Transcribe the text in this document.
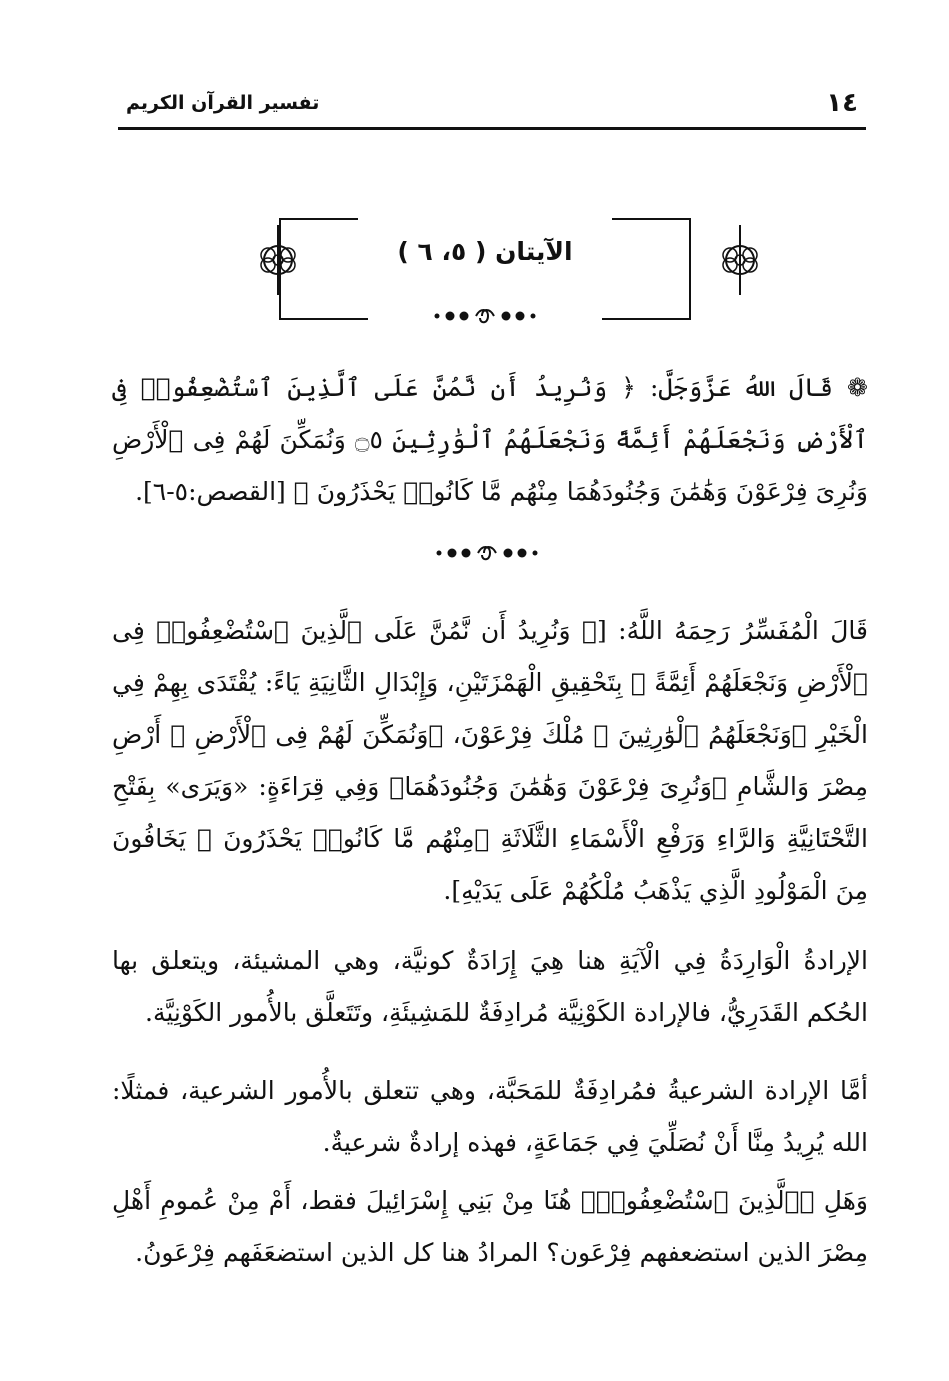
١٤
تفسير القرآن الكريم
الآيتان ( ٥، ٦ )
❁ قَالَ اللهُ عَزَّوَجَلَّ: ﴿ وَنُرِيدُ أَن نَّمُنَّ عَلَى ٱلَّذِينَ ٱسْتُضْعِفُوا۟ فِى ٱلْأَرْضِ وَنَجْعَلَهُمْ أَئِمَّةً وَنَجْعَلَهُمُ ٱلْوَٰرِثِينَ ۝٥ وَنُمَكِّنَ لَهُمْ فِى ٱلْأَرْضِ وَنُرِىَ فِرْعَوْنَ وَهَٰمَٰنَ وَجُنُودَهُمَا مِنْهُم مَّا كَانُوا۟ يَحْذَرُونَ ﴾ [القصص:٥-٦].
قَالَ الْمُفَسِّرُ رَحِمَهُ اللَّهُ: [﴿ وَنُرِيدُ أَن نَّمُنَّ عَلَى ٱلَّذِينَ ٱسْتُضْعِفُوا۟ فِى ٱلْأَرْضِ وَنَجْعَلَهُمْ أَئِمَّةً ﴾ بِتَحْقِيقِ الْهَمْزَتَيْنِ، وَإِبْدَالِ الثَّانِيَةِ يَاءً: يُقْتَدَى بِهِمْ فِي الْخَيْرِ ﴿وَنَجْعَلَهُمُ ٱلْوَٰرِثِينَ ﴾ مُلْكَ فِرْعَوْنَ، ﴿وَنُمَكِّنَ لَهُمْ فِى ٱلْأَرْضِ ﴾ أَرْضِ مِصْرَ وَالشَّامِ ﴿وَنُرِىَ فِرْعَوْنَ وَهَٰمَٰنَ وَجُنُودَهُمَا﴾ وَفِي قِرَاءَةٍ: «وَيَرَى» بِفَتْحِ التَّحْتَانِيَّةِ وَالرَّاءِ وَرَفْعِ الْأَسْمَاءِ الثَّلَاثَةِ ﴿مِنْهُم مَّا كَانُوا۟ يَحْذَرُونَ ﴾ يَخَافُونَ مِنَ الْمَوْلُودِ الَّذِي يَذْهَبُ مُلْكُهُمْ عَلَى يَدَيْهِ].
الإرادةُ الْوَارِدَةُ فِي الْآيَةِ هنا هِيَ إِرَادَةٌ كونيَّة، وهي المشيئة، ويتعلق بها الحُكم القَدَرِيُّ، فالإرادة الكَوْنِيَّة مُرادِفَةٌ للمَشِيئَةِ، وتَتَعلَّق بالأُمور الكَوْنِيَّة.
أمَّا الإرادة الشرعيةُ فمُرادِفَةٌ للمَحَبَّة، وهي تتعلق بالأُمور الشرعية، فمثلًا: الله يُرِيدُ مِنَّا أَنْ نُصَلِّيَ فِي جَمَاعَةٍ، فهذه إرادةٌ شرعيةٌ.
وَهَلِ ﴿ٱلَّذِينَ ٱسْتُضْعِفُوا۟﴾ هُنَا مِنْ بَنِي إِسْرَائِيلَ فقط، أَمْ مِنْ عُمومِ أَهْلِ مِصْرَ الذين استضعفهم فِرْعَون؟ المرادُ هنا كل الذين استضعَفَهم فِرْعَونُ.
